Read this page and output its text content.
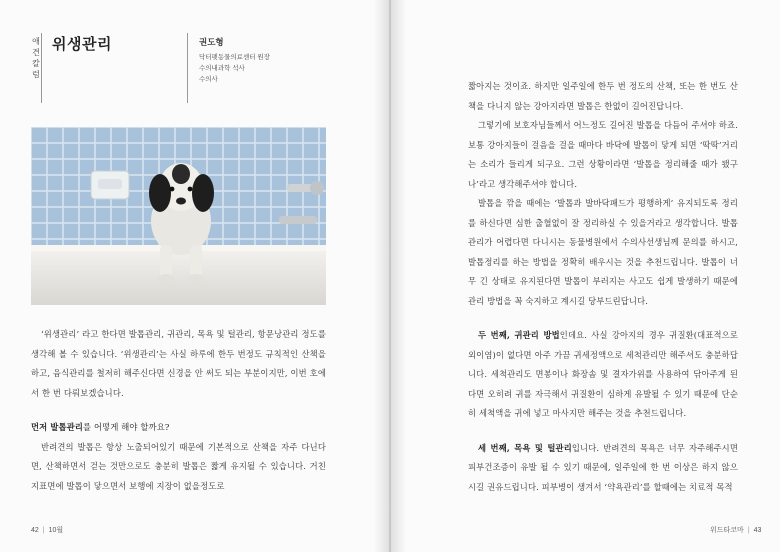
애견 칼럼
위생관리	권도형
닥터펫동물의료센터 원장
수의내과학 석사
수의사

‘위생관리’ 라고 한다면 발톱관리, 귀관리, 목욕 및 털관리, 항문낭관리 정도를 생각해 볼 수 있습니다. ‘위생관리’는 사실 하루에 한두 번정도 규칙적인 산책을 하고, 음식관리를 철저히 해주신다면 신경을 안 써도 되는 부분이지만, 이번 호에서 한 번 다뤄보겠습니다.

먼저 발톱관리를 어떻게 해야 할까요?

반려견의 발톱은 항상 노출되어있기 때문에 기본적으로 산책을 자주 다닌다면, 산책하면서 걷는 것만으로도 충분히 발톱은 짧게 유지될 수 있습니다. 거친 지표면에 발톱이 닿으면서 보행에 지장이 없을정도로

42 | 10월

짧아지는 것이죠. 하지만 일주일에 한두 번 정도의 산책, 또는 한 번도 산책을 다니지 않는 강아지라면 발톱은 한없이 길어진답니다.

그렇기에 보호자님들께서 어느정도 길어진 발톱을 다듬어 주셔야 하죠. 보통 강아지들이 걸음을 걸을 때마다 바닥에 발톱이 닿게 되면 ‘딱딱’거리는 소리가 들리게 되구요. 그런 상황이라면 ‘발톱을 정리해줄 때가 됐구나’라고 생각해주셔야 합니다.

발톱을 깎을 때에는 ‘발톱과 발바닥패드가 평행하게’ 유지되도록 정리를 하신다면 심한 출혈없이 잘 정리하실 수 있을거라고 생각합니다. 발톱관리가 어렵다면 다니시는 동물병원에서 수의사선생님께 문의를 하시고, 발톱정리를 하는 방법을 정확히 배우시는 것을 추천드립니다. 발톱이 너무 긴 상태로 유지된다면 발톱이 부러지는 사고도 쉽게 발생하기 때문에 관리 방법을 꼭 숙지하고 계시길 당부드린답니다.

두 번째, 귀관리 방법인데요. 사실 강아지의 경우 귀질환(대표적으로 외이염)이 없다면 아주 가끔 귀세정액으로 세척관리만 해주셔도 충분하답니다. 세척관리도 면봉이나 화장솜 및 결자가위를 사용하여 닦아주게 된다면 오히려 귀를 자극해서 귀질환이 심하게 유발될 수 있기 때문에 단순히 세척액을 귀에 넣고 마사지만 해주는 것을 추천드립니다.

세 번째, 목욕 및 털관리입니다. 반려견의 목욕은 너무 자주해주시면 피부건조증이 유발 될 수 있기 때문에, 일주일에 한 번 이상은 하지 않으시길 권유드립니다. 피부병이 생겨서 ‘약욕관리’를 할때에는 치료적 목적

위드타코마 | 43
